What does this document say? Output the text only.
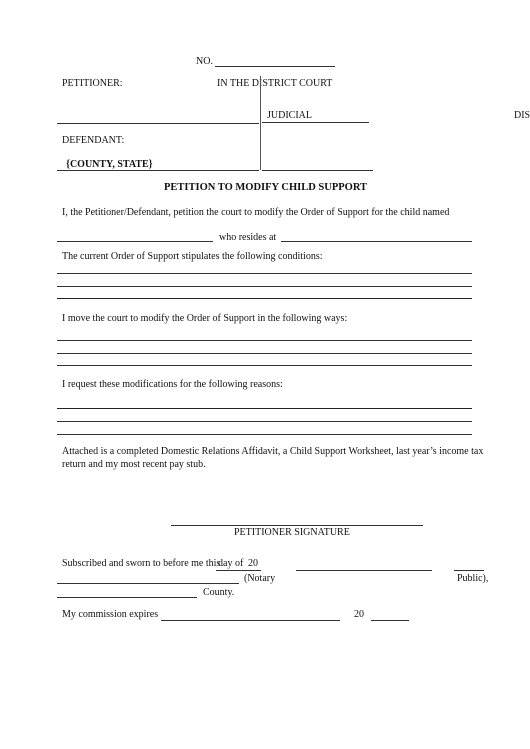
NO.
PETITIONER:	IN THE DISTRICT COURT
JUDICIAL	DIS
DEFENDANT:
{COUNTY, STATE}
PETITION TO MODIFY CHILD SUPPORT
I, the Petitioner/Defendant, petition the court to modify the Order of Support for the child named
who resides at
The current Order of Support stipulates the following conditions:
I move the court to modify the Order of Support in the following ways:
I request these modifications for the following reasons:
Attached is a completed Domestic Relations Affidavit, a Child Support Worksheet, last year’s income tax
return and my most recent pay stub.
PETITIONER SIGNATURE
Subscribed and sworn to before me this
day of 20
(Notary	Public),
County.
My commission expires	20
